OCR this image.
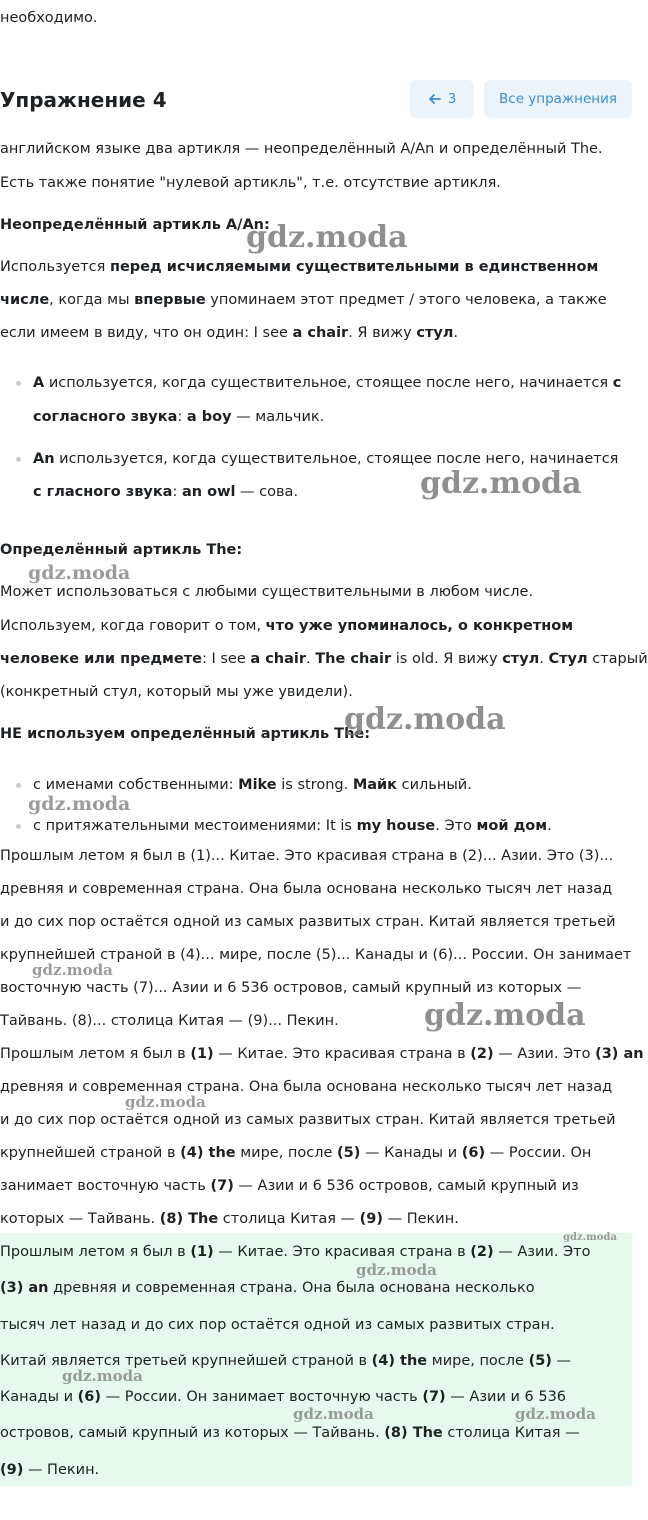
необходимо.
Упражнение 4	3	Все упражнения
английском языке два артикля — неопределённый A/An и определённый The.
Есть также понятие "нулевой артикль", т.е. отсутствие артикля.
Неопределённый артикль A/An:
Используется перед исчисляемыми существительными в единственном
числе, когда мы впервые упоминаем этот предмет / этого человека, а также
если имеем в виду, что он один: I see a chair. Я вижу стул.
A используется, когда существительное, стоящее после него, начинается с
согласного звука: a boy — мальчик.
An используется, когда существительное, стоящее после него, начинается
с гласного звука: an owl — сова.
Определённый артикль The:
Может использоваться с любыми существительными в любом числе.
Используем, когда говорит о том, что уже упоминалось, о конкретном
человеке или предмете: I see a chair. The chair is old. Я вижу стул. Стул старый
(конкретный стул, который мы уже увидели).
НЕ используем определённый артикль The:
с именами собственными: Mike is strong. Майк сильный.
с притяжательными местоимениями: It is my house. Это мой дом.
Прошлым летом я был в (1)... Китае. Это красивая страна в (2)... Азии. Это (3)...
древняя и современная страна. Она была основана несколько тысяч лет назад
и до сих пор остаётся одной из самых развитых стран. Китай является третьей
крупнейшей страной в (4)... мире, после (5)... Канады и (6)... России. Он занимает
восточную часть (7)... Азии и 6 536 островов, самый крупный из которых —
Тайвань. (8)... столица Китая — (9)... Пекин.
Прошлым летом я был в (1) — Китае. Это красивая страна в (2) — Азии. Это (3) an
древняя и современная страна. Она была основана несколько тысяч лет назад
и до сих пор остаётся одной из самых развитых стран. Китай является третьей
крупнейшей страной в (4) the мире, после (5) — Канады и (6) — России. Он
занимает восточную часть (7) — Азии и 6 536 островов, самый крупный из
которых — Тайвань. (8) The столица Китая — (9) — Пекин.
Прошлым летом я был в (1) — Китае. Это красивая страна в (2) — Азии. Это
(3) an древняя и современная страна. Она была основана несколько
тысяч лет назад и до сих пор остаётся одной из самых развитых стран.
Китай является третьей крупнейшей страной в (4) the мире, после (5) —
Канады и (6) — России. Он занимает восточную часть (7) — Азии и 6 536
островов, самый крупный из которых — Тайвань. (8) The столица Китая —
(9) — Пекин.
gdz.moda
gdz.moda
gdz.moda
gdz.moda
gdz.moda
gdz.moda
gdz.moda
gdz.moda
gdz.moda
gdz.moda
gdz.moda
gdz.moda	gdz.moda
